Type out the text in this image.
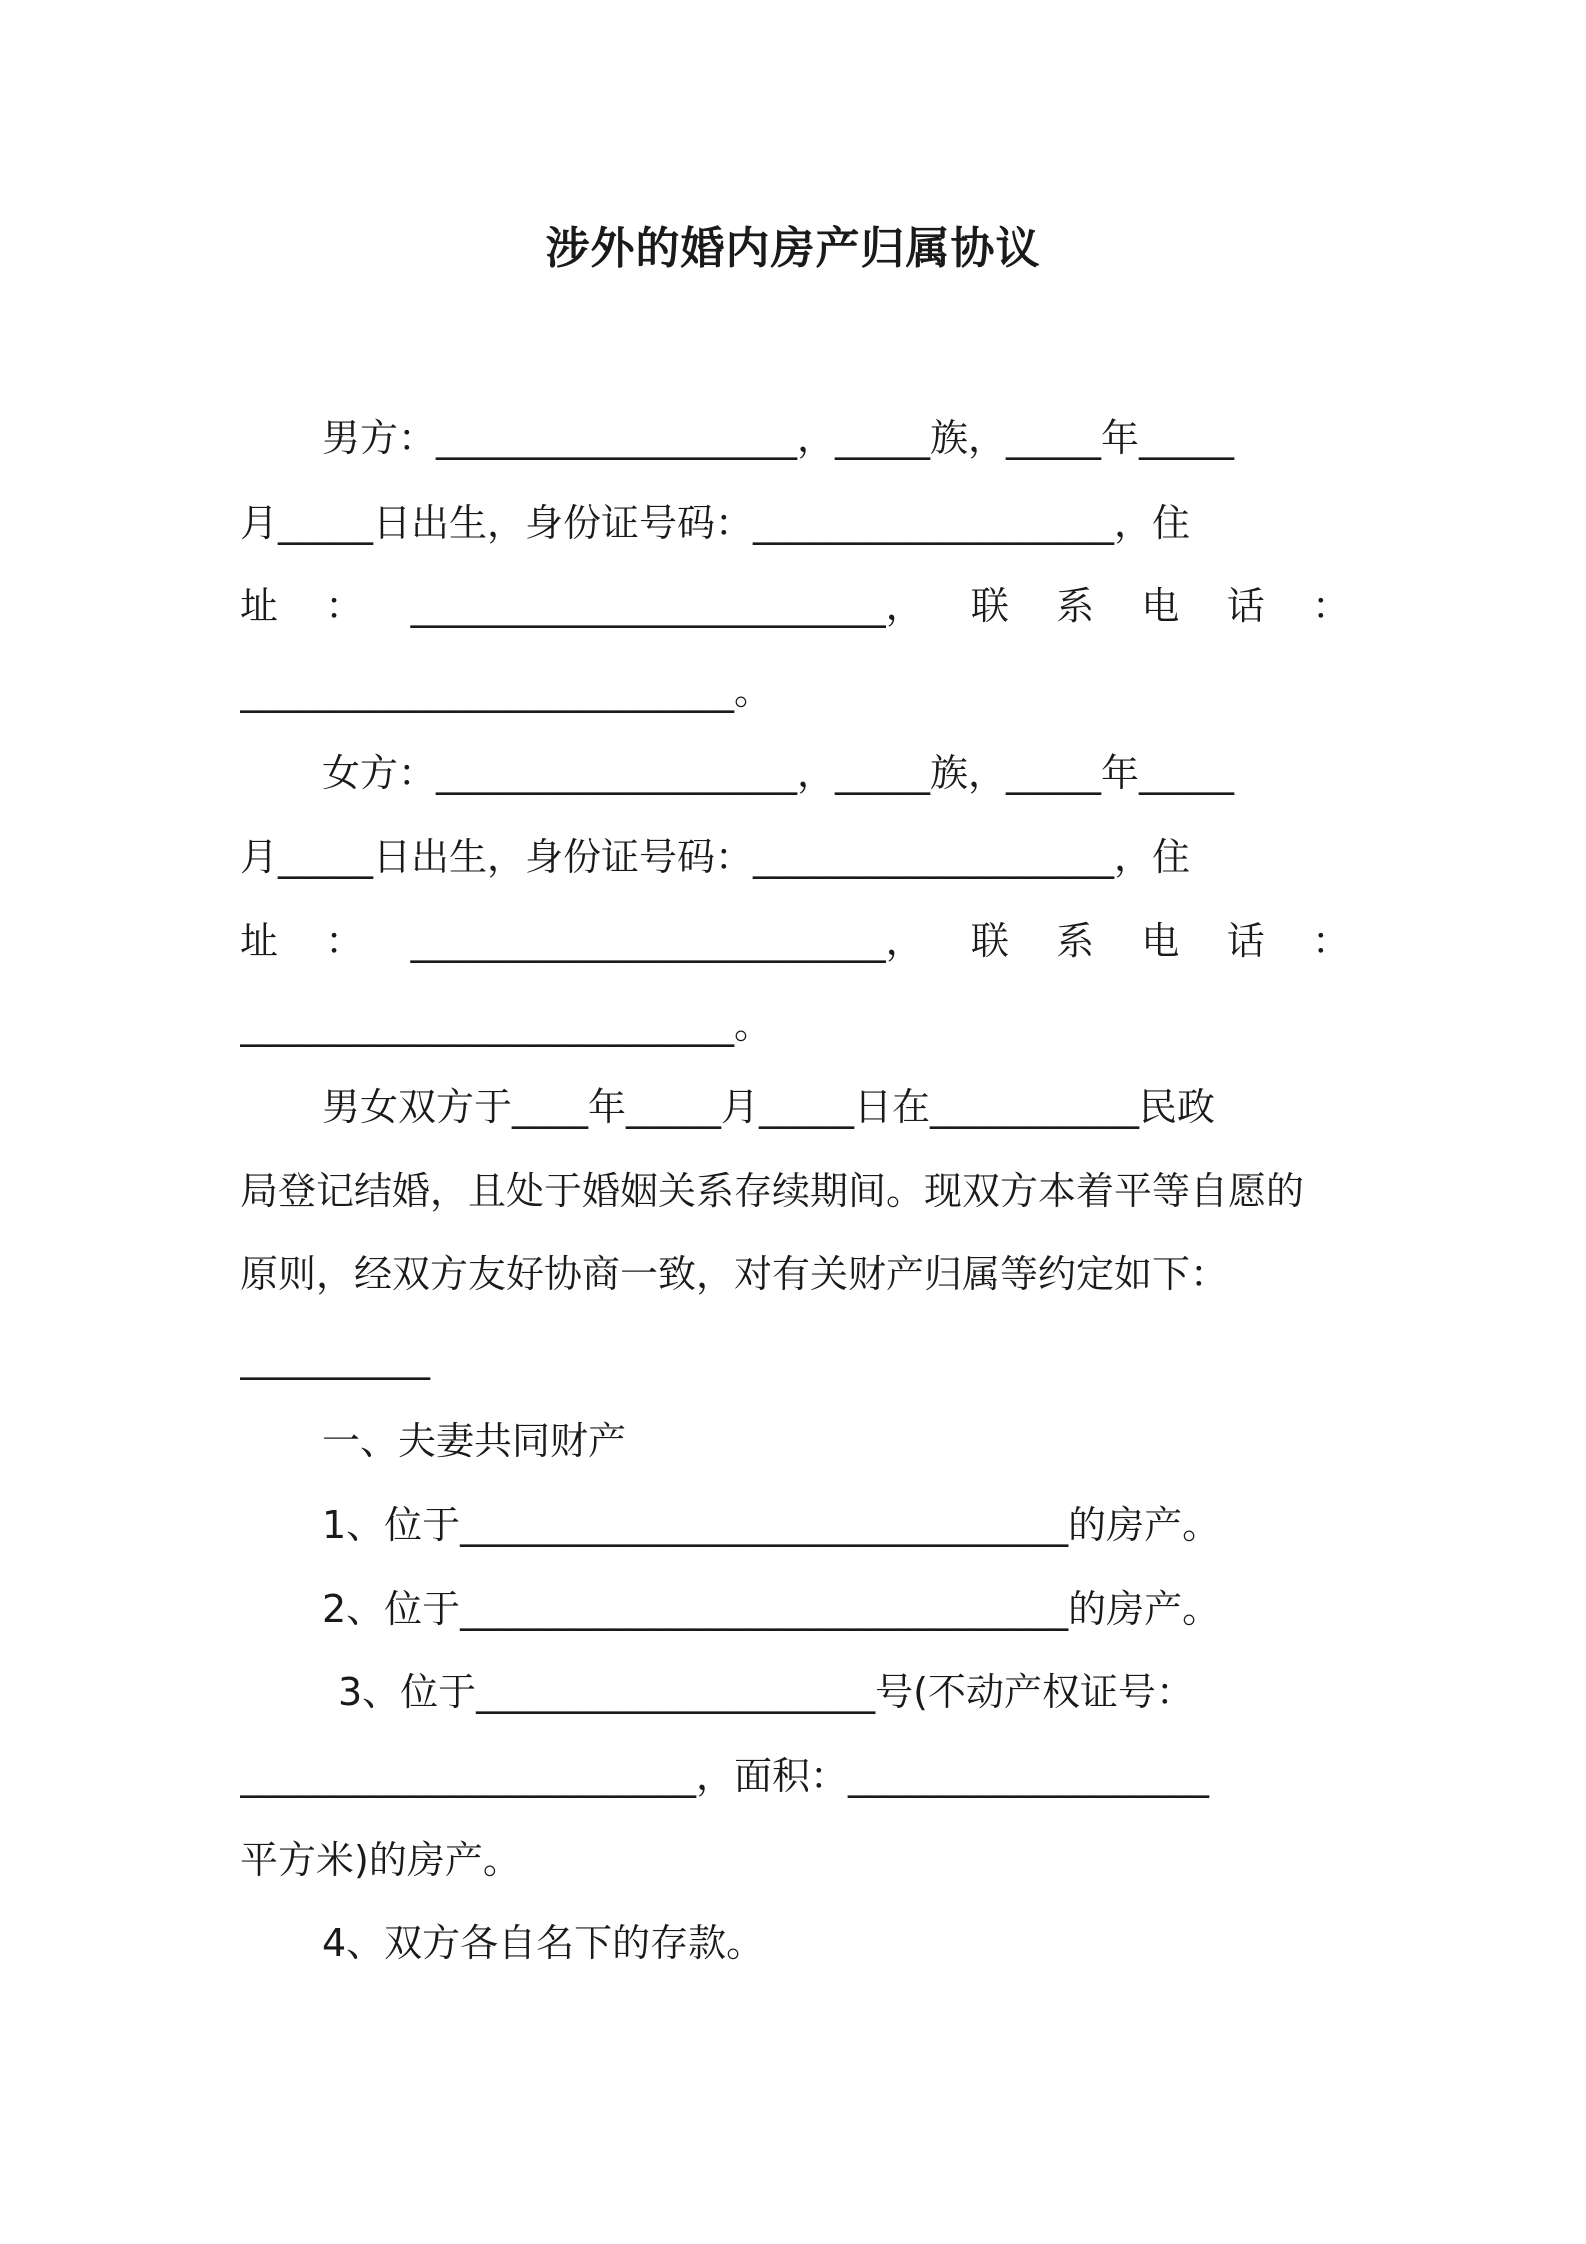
涉外的婚内房产归属协议
男方：___________________，_____族，_____年_____
月_____日出生，身份证号码：___________________，住
址 ： _________________________， 联 系 电 话 ：
__________________________。
女方：___________________，_____族，_____年_____
月_____日出生，身份证号码：___________________，住
址 ： _________________________， 联 系 电 话 ：
__________________________。
男女双方于____年_____月_____日在___________民政
局登记结婚，且处于婚姻关系存续期间。现双方本着平等自愿的
原则，经双方友好协商一致，对有关财产归属等约定如下：
__________
一、夫妻共同财产
1、位于________________________________的房产。
2、位于________________________________的房产。
3、位于_____________________号(不动产权证号：
________________________，面积：___________________
平方米)的房产。
4、双方各自名下的存款。
